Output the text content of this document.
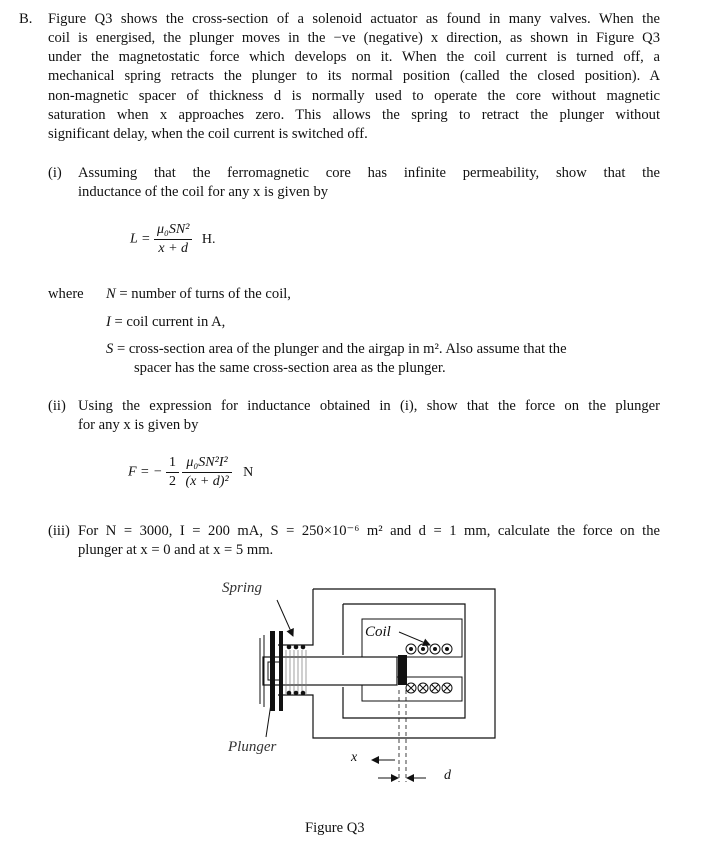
B. Figure Q3 shows the cross-section of a solenoid actuator as found in many valves. When the
coil is energised, the plunger moves in the −ve (negative) x direction, as shown in Figure Q3
under the magnetostatic force which develops on it. When the coil current is turned off, a
mechanical spring retracts the plunger to its normal position (called the closed position). A
non-magnetic spacer of thickness d is normally used to operate the core without magnetic
saturation when x approaches zero. This allows the spring to retract the plunger without
significant delay, when the coil current is switched off.
(i) Assuming that the ferromagnetic core has infinite permeability, show that the
inductance of the coil for any x is given by
$L = \frac{\text{μ₀SN²}}{x + d} H$.
where N = number of turns of the coil,
I = coil current in A,
S = cross-section area of the plunger and the airgap in m². Also assume that the
spacer has the same cross-section area as the plunger.
(ii) Using the expression for inductance obtained in (i), show that the force on the plunger
for any x is given by
F = − $\frac{1}{2}$
$\frac{\text{μ₀SN²I²}}{\text{(x + d)²}}$ N
(iii) For N = 3000, I = 200 mA, S = 250×10⁻⁶ m² and d = 1 mm, calculate the force on the
plunger at x = 0 and at x = 5 mm.
Spring
Coil
Plunger
x
d
Figure Q3
